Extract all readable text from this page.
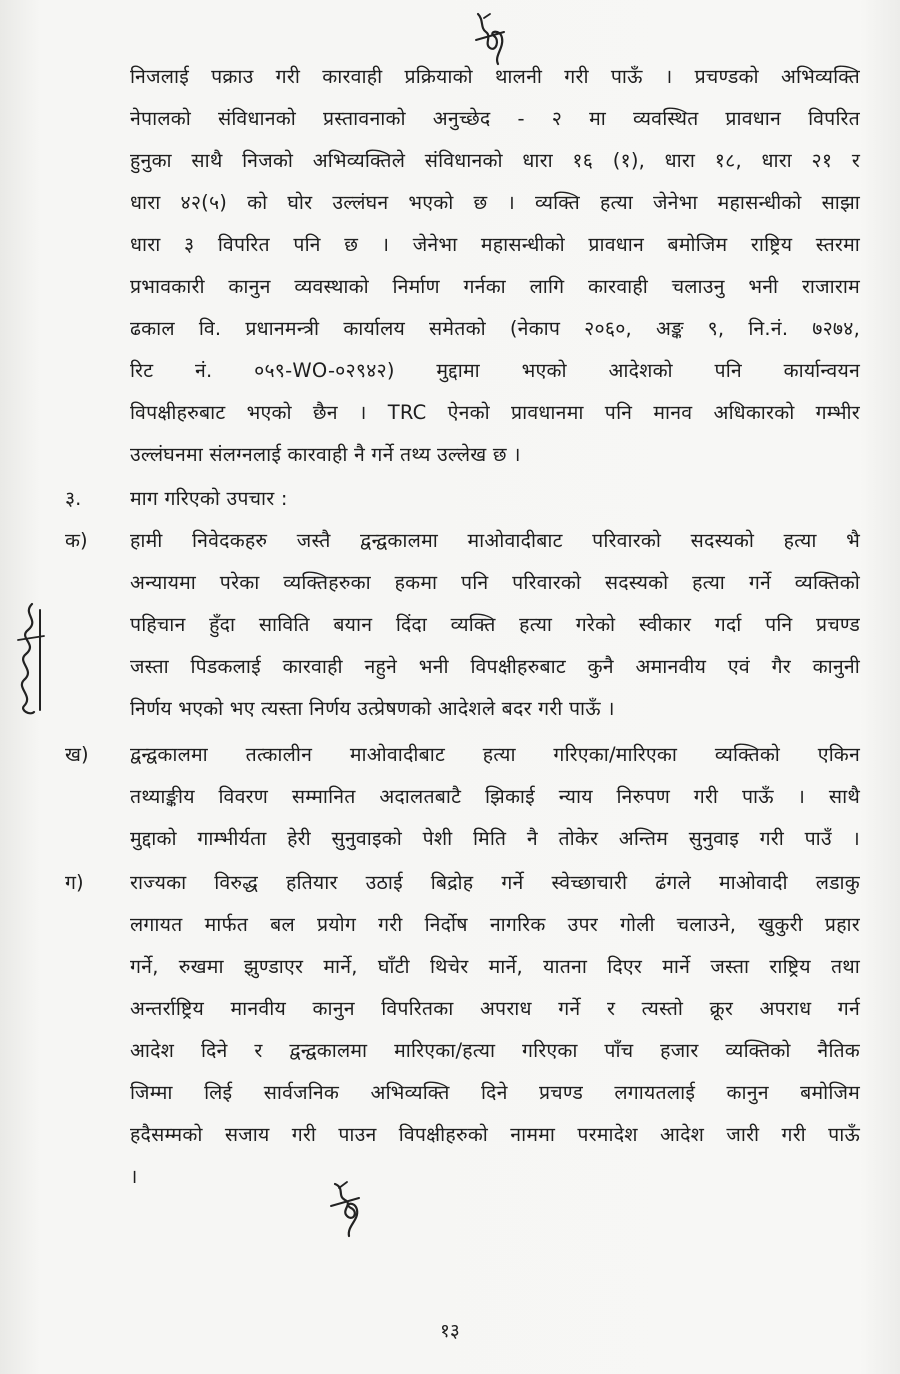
निजलाई पक्राउ गरी कारवाही प्रक्रियाको थालनी गरी पाऊँ । प्रचण्डको अभिव्यक्ति
नेपालको संविधानको प्रस्तावनाको अनुच्छेद - २ मा व्यवस्थित प्रावधान विपरित
हुनुका साथै निजको अभिव्यक्तिले संविधानको धारा १६ (१), धारा १८, धारा २१ र
धारा ४२(५) को घोर उल्लंघन भएको छ । व्यक्ति हत्या जेनेभा महासन्धीको साझा
धारा ३ विपरित पनि छ । जेनेभा महासन्धीको प्रावधान बमोजिम राष्ट्रिय स्तरमा
प्रभावकारी कानुन व्यवस्थाको निर्माण गर्नका लागि कारवाही चलाउनु भनी राजाराम
ढकाल वि. प्रधानमन्त्री कार्यालय समेतको (नेकाप २०६०, अङ्क ९, नि.नं. ७२७४,
रिट नं. ०५९-WO-०२९४२) मुद्दामा भएको आदेशको पनि कार्यान्वयन
विपक्षीहरुबाट भएको छैन । TRC ऐनको प्रावधानमा पनि मानव अधिकारको गम्भीर
उल्लंघनमा संलग्नलाई कारवाही नै गर्ने तथ्य उल्लेख छ ।
३. माग गरिएको उपचार :
क) हामी निवेदकहरु जस्तै द्वन्द्वकालमा माओवादीबाट परिवारको सदस्यको हत्या भै
अन्यायमा परेका व्यक्तिहरुका हकमा पनि परिवारको सदस्यको हत्या गर्ने व्यक्तिको
पहिचान हुँदा साविति बयान दिंदा व्यक्ति हत्या गरेको स्वीकार गर्दा पनि प्रचण्ड
जस्ता पिडकलाई कारवाही नहुने भनी विपक्षीहरुबाट कुनै अमानवीय एवं गैर कानुनी
निर्णय भएको भए त्यस्ता निर्णय उत्प्रेषणको आदेशले बदर गरी पाऊँ ।
ख) द्वन्द्वकालमा तत्कालीन माओवादीबाट हत्या गरिएका/मारिएका व्यक्तिको एकिन
तथ्याङ्कीय विवरण सम्मानित अदालतबाटै झिकाई न्याय निरुपण गरी पाऊँ । साथै
मुद्दाको गाम्भीर्यता हेरी सुनुवाइको पेशी मिति नै तोकेर अन्तिम सुनुवाइ गरी पाउँ ।
ग) राज्यका विरुद्ध हतियार उठाई बिद्रोह गर्ने स्वेच्छाचारी ढंगले माओवादी लडाकु
लगायत मार्फत बल प्रयोग गरी निर्दोष नागरिक उपर गोली चलाउने, खुकुरी प्रहार
गर्ने, रुखमा झुण्डाएर मार्ने, घाँटी थिचेर मार्ने, यातना दिएर मार्ने जस्ता राष्ट्रिय तथा
अन्तर्राष्ट्रिय मानवीय कानुन विपरितका अपराध गर्ने र त्यस्तो क्रूर अपराध गर्न
आदेश दिने र द्वन्द्वकालमा मारिएका/हत्या गरिएका पाँच हजार व्यक्तिको नैतिक
जिम्मा लिई सार्वजनिक अभिव्यक्ति दिने प्रचण्ड लगायतलाई कानुन बमोजिम
हदैसम्मको सजाय गरी पाउन विपक्षीहरुको नाममा परमादेश आदेश जारी गरी पाऊँ
।
१३
